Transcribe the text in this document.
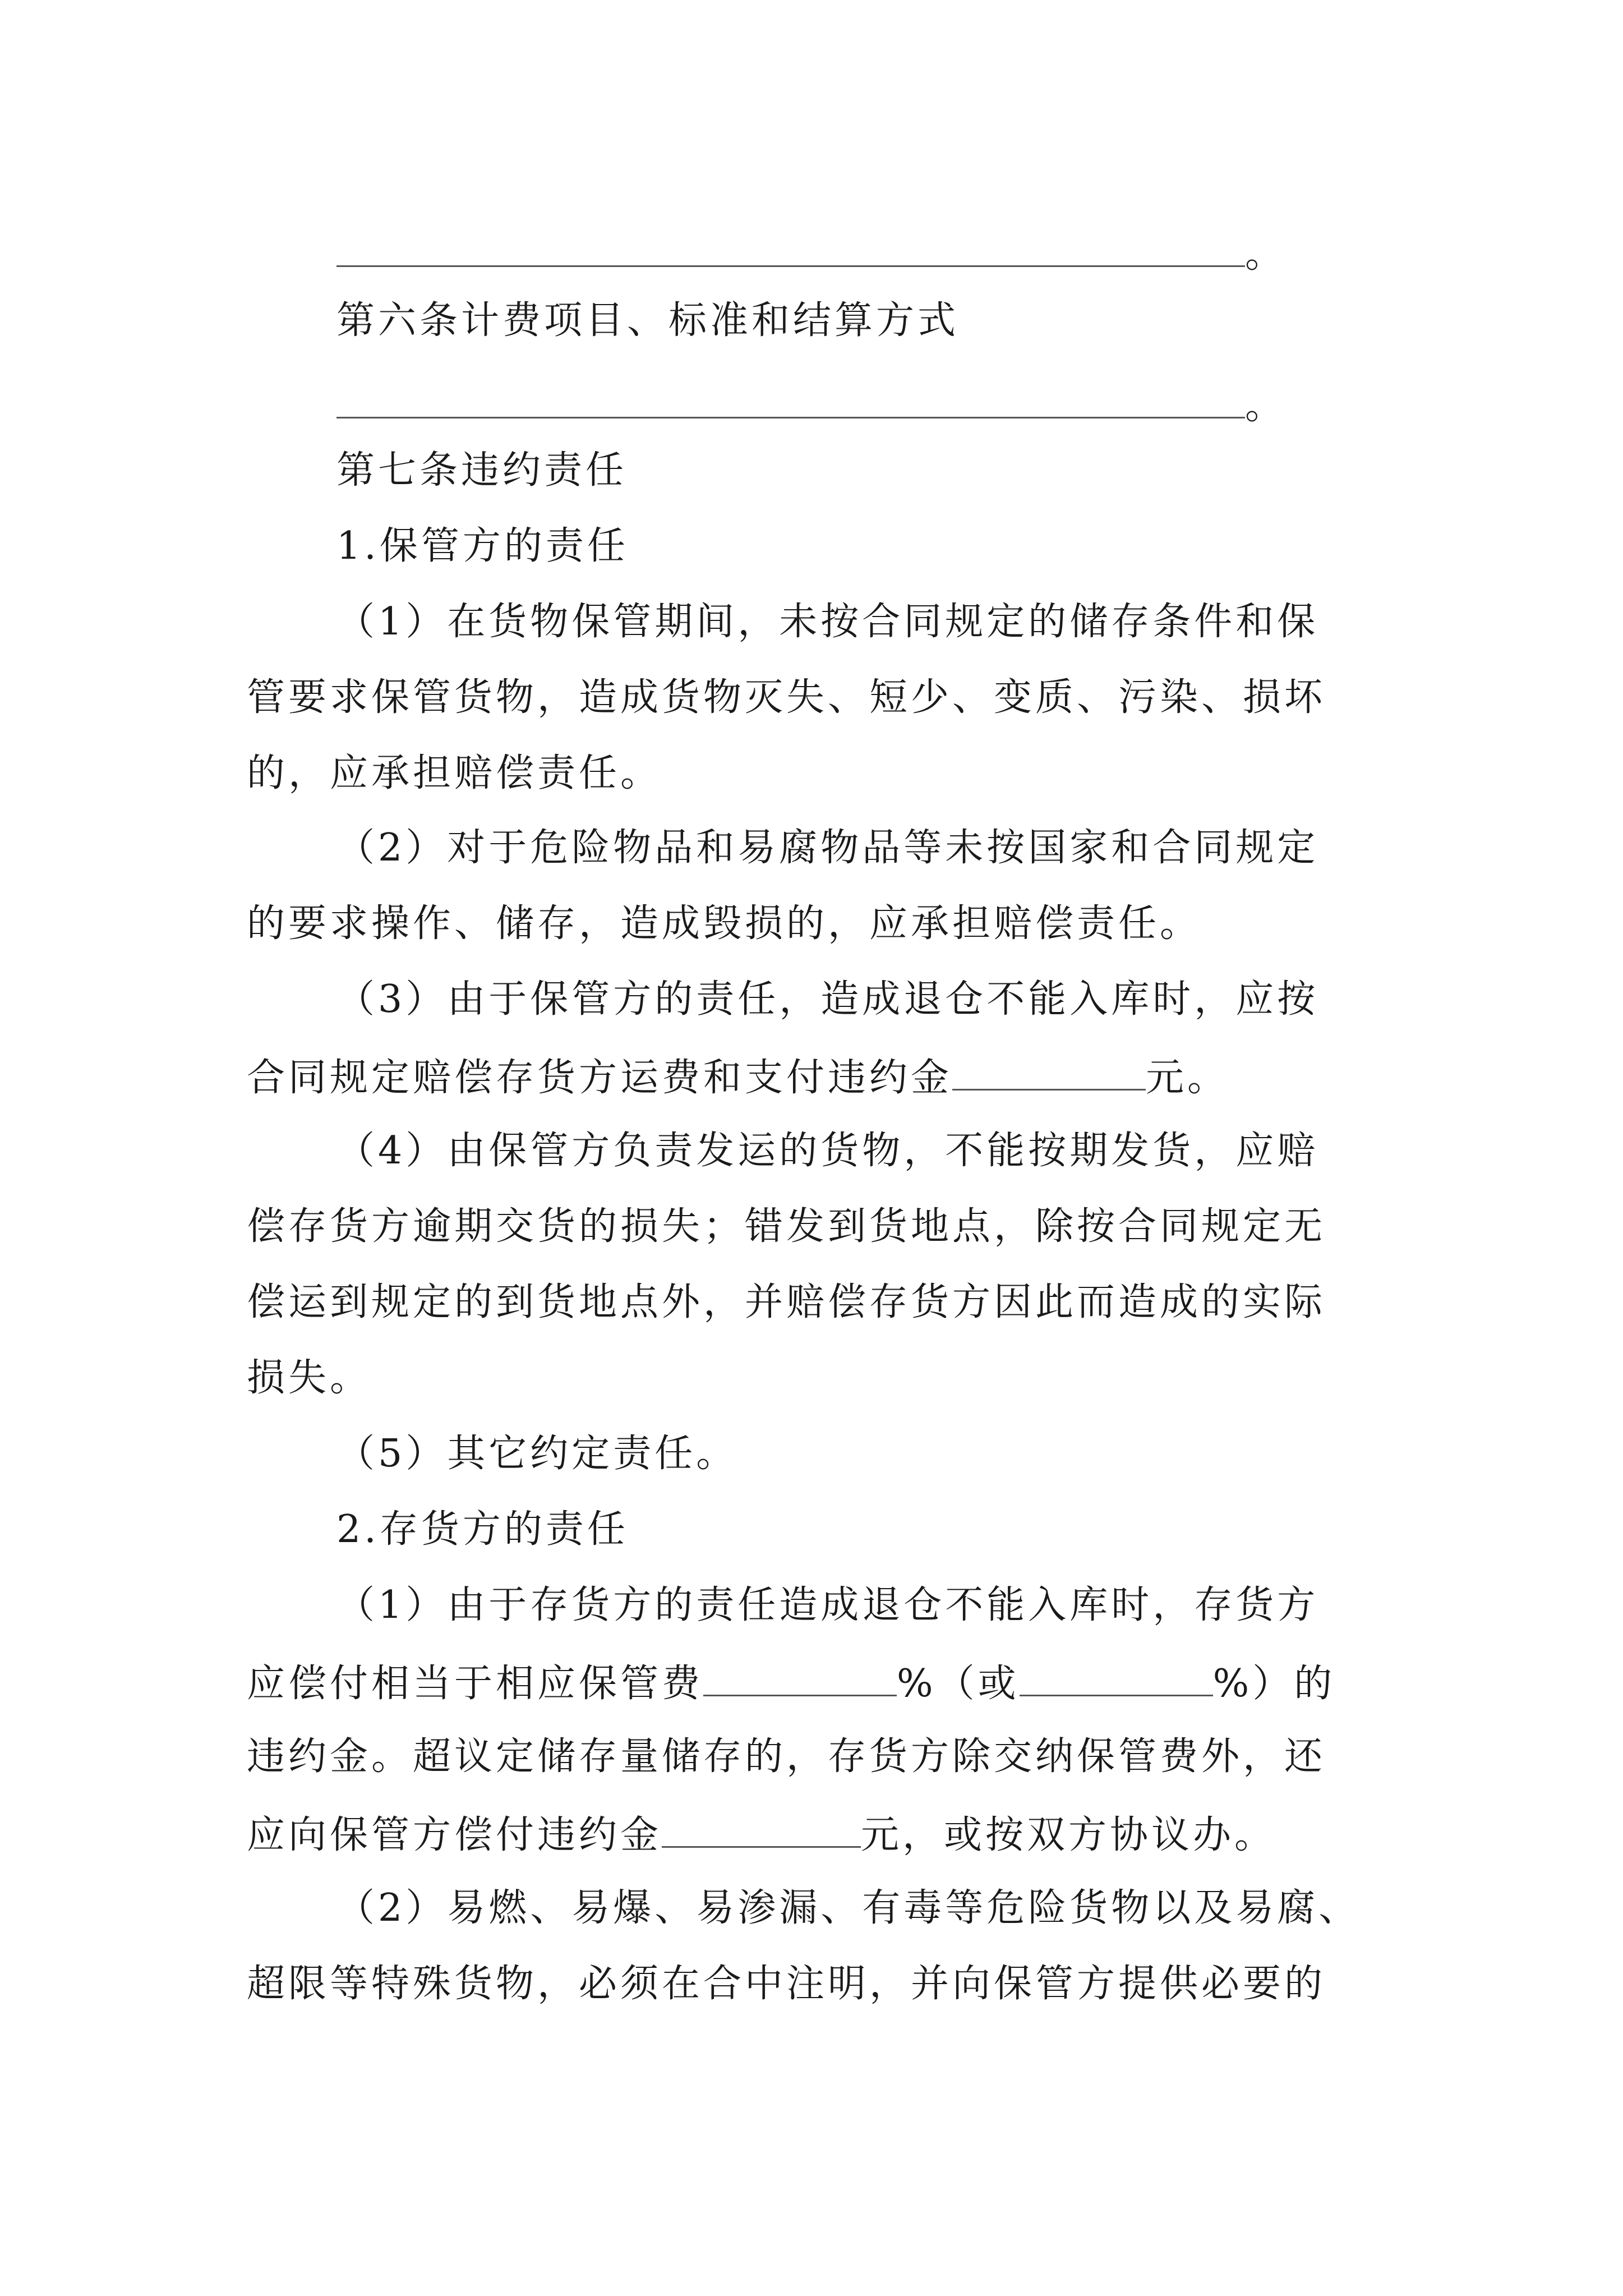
。
第六条计费项目、标准和结算方式
。
第七条违约责任
1.保管方的责任
（1）在货物保管期间，未按合同规定的储存条件和保
管要求保管货物，造成货物灭失、短少、变质、污染、损坏
的，应承担赔偿责任。
（2）对于危险物品和易腐物品等未按国家和合同规定
的要求操作、储存，造成毁损的，应承担赔偿责任。
（3）由于保管方的责任，造成退仓不能入库时，应按
合同规定赔偿存货方运费和支付违约金	元。
（4）由保管方负责发运的货物，不能按期发货，应赔
偿存货方逾期交货的损失；错发到货地点，除按合同规定无
偿运到规定的到货地点外，并赔偿存货方因此而造成的实际
损失。
（5）其它约定责任。
2.存货方的责任
（1）由于存货方的责任造成退仓不能入库时，存货方
应偿付相当于相应保管费	%（或	%）的
违约金。超议定储存量储存的，存货方除交纳保管费外，还
应向保管方偿付违约金	元，或按双方协议办。
（2）易燃、易爆、易渗漏、有毒等危险货物以及易腐、
超限等特殊货物，必须在合中注明，并向保管方提供必要的
